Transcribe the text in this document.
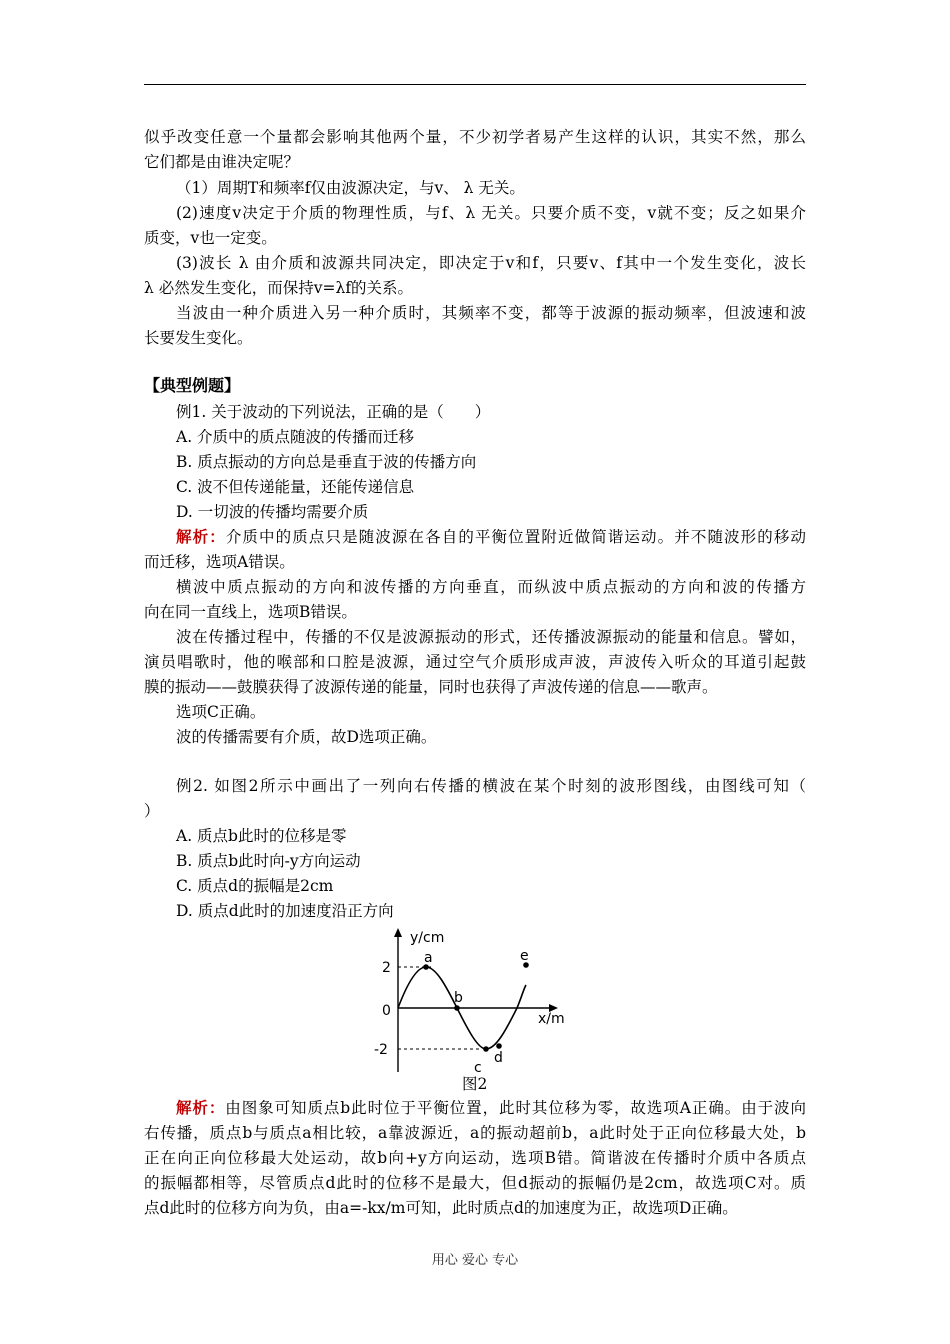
似乎改变任意一个量都会影响其他两个量，不少初学者易产生这样的认识，其实不然，那么
它们都是由谁决定呢？
（1）周期T和频率f仅由波源决定，与v、 λ 无关。
(2)速度v决定于介质的物理性质，与f、λ 无关。只要介质不变，v就不变；反之如果介
质变，v也一定变。
(3)波长 λ 由介质和波源共同决定，即决定于v和f，只要v、f其中一个发生变化，波长
λ 必然发生变化，而保持v=λf的关系。
当波由一种介质进入另一种介质时，其频率不变，都等于波源的振动频率，但波速和波
长要发生变化。
【典型例题】
例1. 关于波动的下列说法，正确的是（　　）
A. 介质中的质点随波的传播而迁移
B. 质点振动的方向总是垂直于波的传播方向
C. 波不但传递能量，还能传递信息
D. 一切波的传播均需要介质
解析：介质中的质点只是随波源在各自的平衡位置附近做简谐运动。并不随波形的移动
而迁移，选项A错误。
横波中质点振动的方向和波传播的方向垂直，而纵波中质点振动的方向和波的传播方
向在同一直线上，选项B错误。
波在传播过程中，传播的不仅是波源振动的形式，还传播波源振动的能量和信息。譬如，
演员唱歌时，他的喉部和口腔是波源，通过空气介质形成声波，声波传入听众的耳道引起鼓
膜的振动——鼓膜获得了波源传递的能量，同时也获得了声波传递的信息——歌声。
选项C正确。
波的传播需要有介质，故D选项正确。
例2. 如图2所示中画出了一列向右传播的横波在某个时刻的波形图线，由图线可知（
）
A. 质点b此时的位移是零
B. 质点b此时向-y方向运动
C. 质点d的振幅是2cm
D. 质点d此时的加速度沿正方向
y/cm
x/m
2
-2
0
a
b
c
d
e
图2
解析：由图象可知质点b此时位于平衡位置，此时其位移为零，故选项A正确。由于波向
右传播，质点b与质点a相比较，a靠波源近，a的振动超前b，a此时处于正向位移最大处，b
正在向正向位移最大处运动，故b向+y方向运动，选项B错。简谐波在传播时介质中各质点
的振幅都相等，尽管质点d此时的位移不是最大，但d振动的振幅仍是2cm，故选项C对。质
点d此时的位移方向为负，由a=-kx/m可知，此时质点d的加速度为正，故选项D正确。
用心 爱心 专心
